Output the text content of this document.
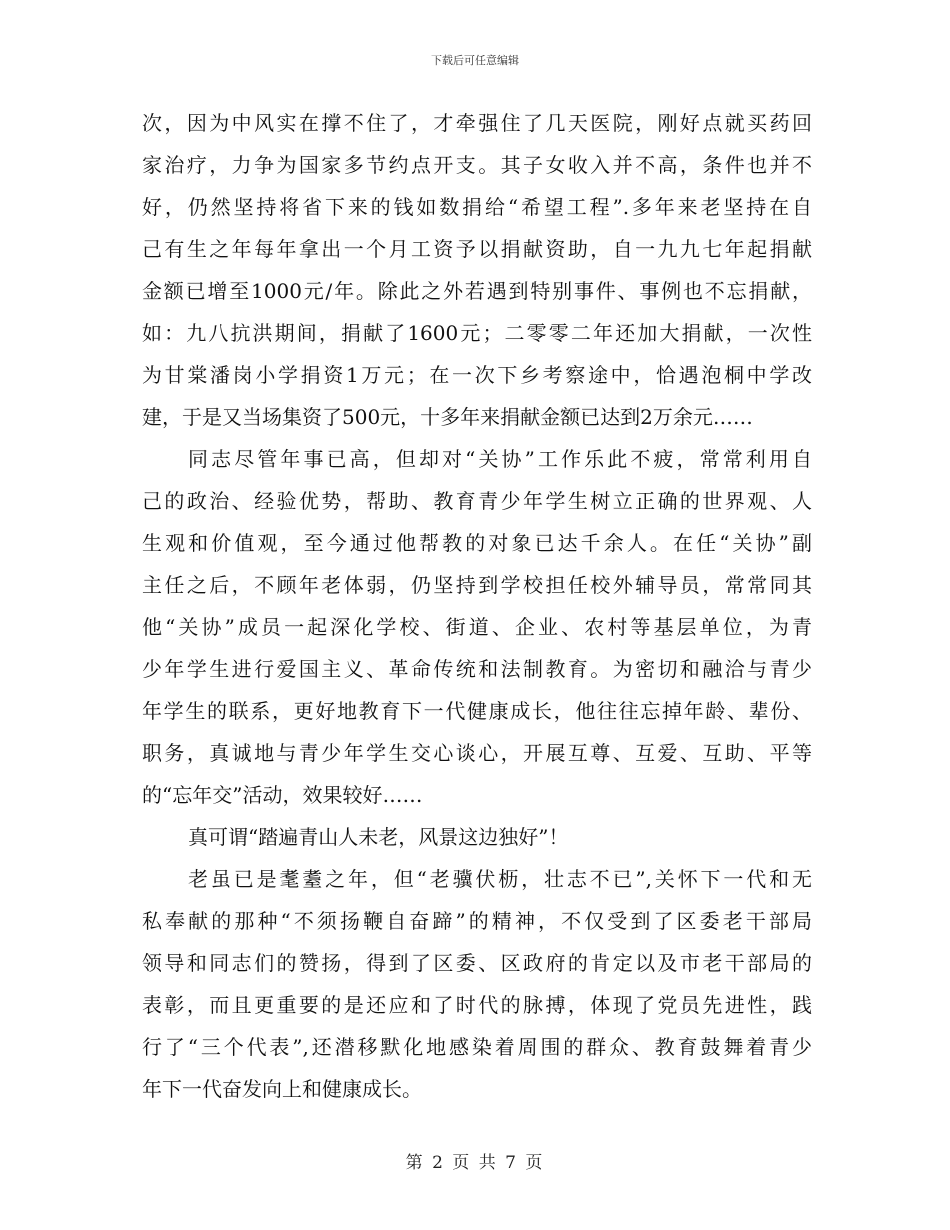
下载后可任意编辑
次，因为中风实在撑不住了，才牵强住了几天医院，刚好点就买药回
家治疗，力争为国家多节约点开支。其子女收入并不高，条件也并不
好，仍然坚持将省下来的钱如数捐给“希望工程”.多年来老坚持在自
己有生之年每年拿出一个月工资予以捐献资助，自一九九七年起捐献
金额已增至1000元/年。除此之外若遇到特别事件、事例也不忘捐献，
如：九八抗洪期间，捐献了1600元；二零零二年还加大捐献，一次性
为甘棠潘岗小学捐资1万元；在一次下乡考察途中，恰遇泡桐中学改
建，于是又当场集资了500元，十多年来捐献金额已达到2万余元……
同志尽管年事已高，但却对“关协”工作乐此不疲，常常利用自
己的政治、经验优势，帮助、教育青少年学生树立正确的世界观、人
生观和价值观，至今通过他帮教的对象已达千余人。在任“关协”副
主任之后，不顾年老体弱，仍坚持到学校担任校外辅导员，常常同其
他“关协”成员一起深化学校、街道、企业、农村等基层单位，为青
少年学生进行爱国主义、革命传统和法制教育。为密切和融洽与青少
年学生的联系，更好地教育下一代健康成长，他往往忘掉年龄、辈份、
职务，真诚地与青少年学生交心谈心，开展互尊、互爱、互助、平等
的“忘年交”活动，效果较好……
真可谓“踏遍青山人未老，风景这边独好”！
老虽已是耄耋之年，但“老骥伏枥，壮志不已”,关怀下一代和无
私奉献的那种“不须扬鞭自奋蹄”的精神，不仅受到了区委老干部局
领导和同志们的赞扬，得到了区委、区政府的肯定以及市老干部局的
表彰，而且更重要的是还应和了时代的脉搏，体现了党员先进性，践
行了“三个代表”,还潜移默化地感染着周围的群众、教育鼓舞着青少
年下一代奋发向上和健康成长。
第 2 页 共 7 页
